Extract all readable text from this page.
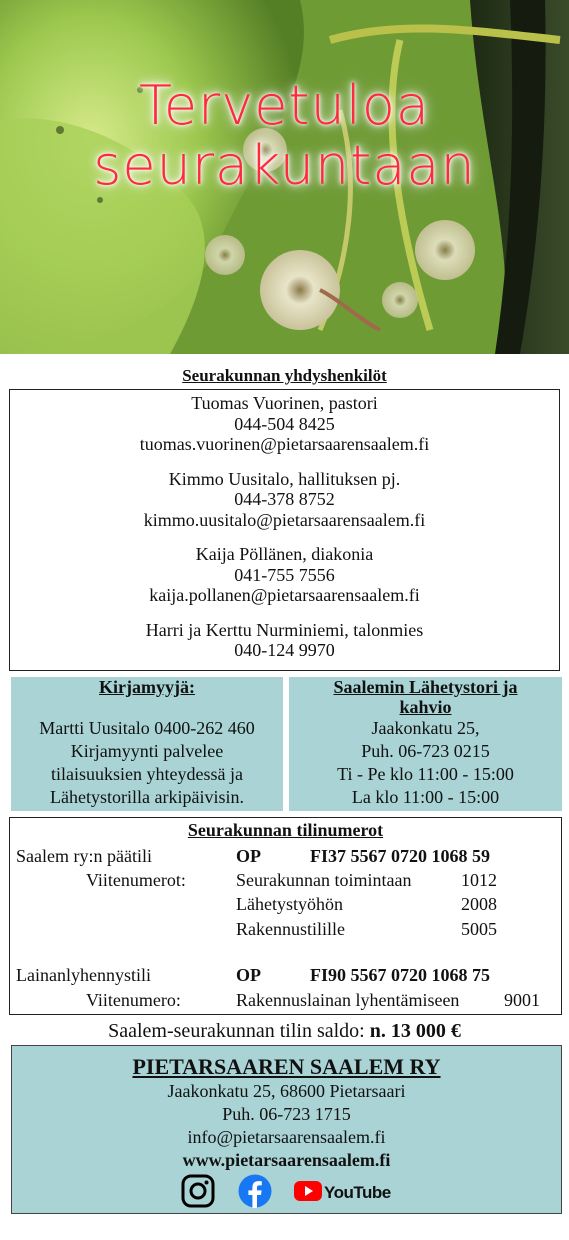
Tervetuloa
seurakuntaan
Seurakunnan yhdyshenkilöt
Tuomas Vuorinen, pastori
044-504 8425
tuomas.vuorinen@pietarsaarensaalem.fi
Kimmo Uusitalo, hallituksen pj.
044-378 8752
kimmo.uusitalo@pietarsaarensaalem.fi
Kaija Pöllänen, diakonia
041-755 7556
kaija.pollanen@pietarsaarensaalem.fi
Harri ja Kerttu Nurminiemi, talonmies
040-124 9970
Kirjamyyjä:
Martti Uusitalo 0400-262 460
Kirjamyynti palvelee
tilaisuuksien yhteydessä ja
Lähetystorilla arkipäivisin.
Saalemin Lähetystori ja
kahvio
Jaakonkatu 25,
Puh. 06-723 0215
Ti - Pe klo 11:00 - 15:00
La klo 11:00 - 15:00
Seurakunnan tilinumerot
Saalem ry:n päätili	OP	FI37 5567 0720 1068 59
Viitenumerot:	Seurakunnan toimintaan	1012
Lähetystyöhön	2008
Rakennustilille	5005
Lainanlyhennystili	OP	FI90 5567 0720 1068 75
Viitenumero:	Rakennuslainan lyhentämiseen 9001
Saalem-seurakunnan tilin saldo: n. 13 000 €
PIETARSAAREN SAALEM RY
Jaakonkatu 25, 68600 Pietarsaari
Puh. 06-723 1715
info@pietarsaarensaalem.fi
www.pietarsaarensaalem.fi
YouTube
